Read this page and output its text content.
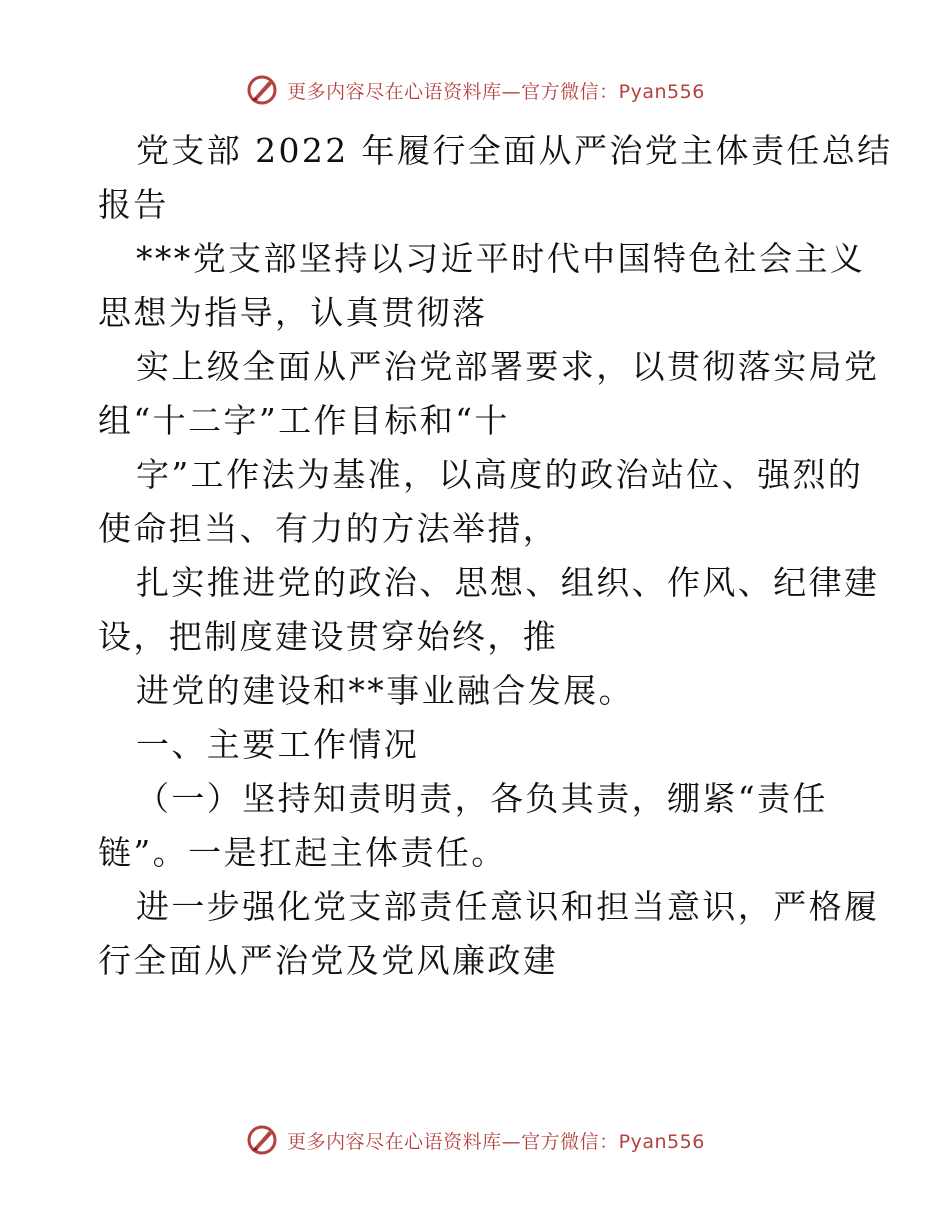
更多内容尽在心语资料库—官方微信：Pyan556

党支部 2022 年履行全面从严治党主体责任总结

报告

***党支部坚持以习近平时代中国特色社会主义

思想为指导，认真贯彻落

实上级全面从严治党部署要求，以贯彻落实局党

组“十二字”工作目标和“十

字”工作法为基准，以高度的政治站位、强烈的

使命担当、有力的方法举措，

扎实推进党的政治、思想、组织、作风、纪律建

设，把制度建设贯穿始终，推

进党的建设和**事业融合发展。

一、主要工作情况

（一）坚持知责明责，各负其责，绷紧“责任

链”。一是扛起主体责任。

进一步强化党支部责任意识和担当意识，严格履

行全面从严治党及党风廉政建

更多内容尽在心语资料库—官方微信：Pyan556
